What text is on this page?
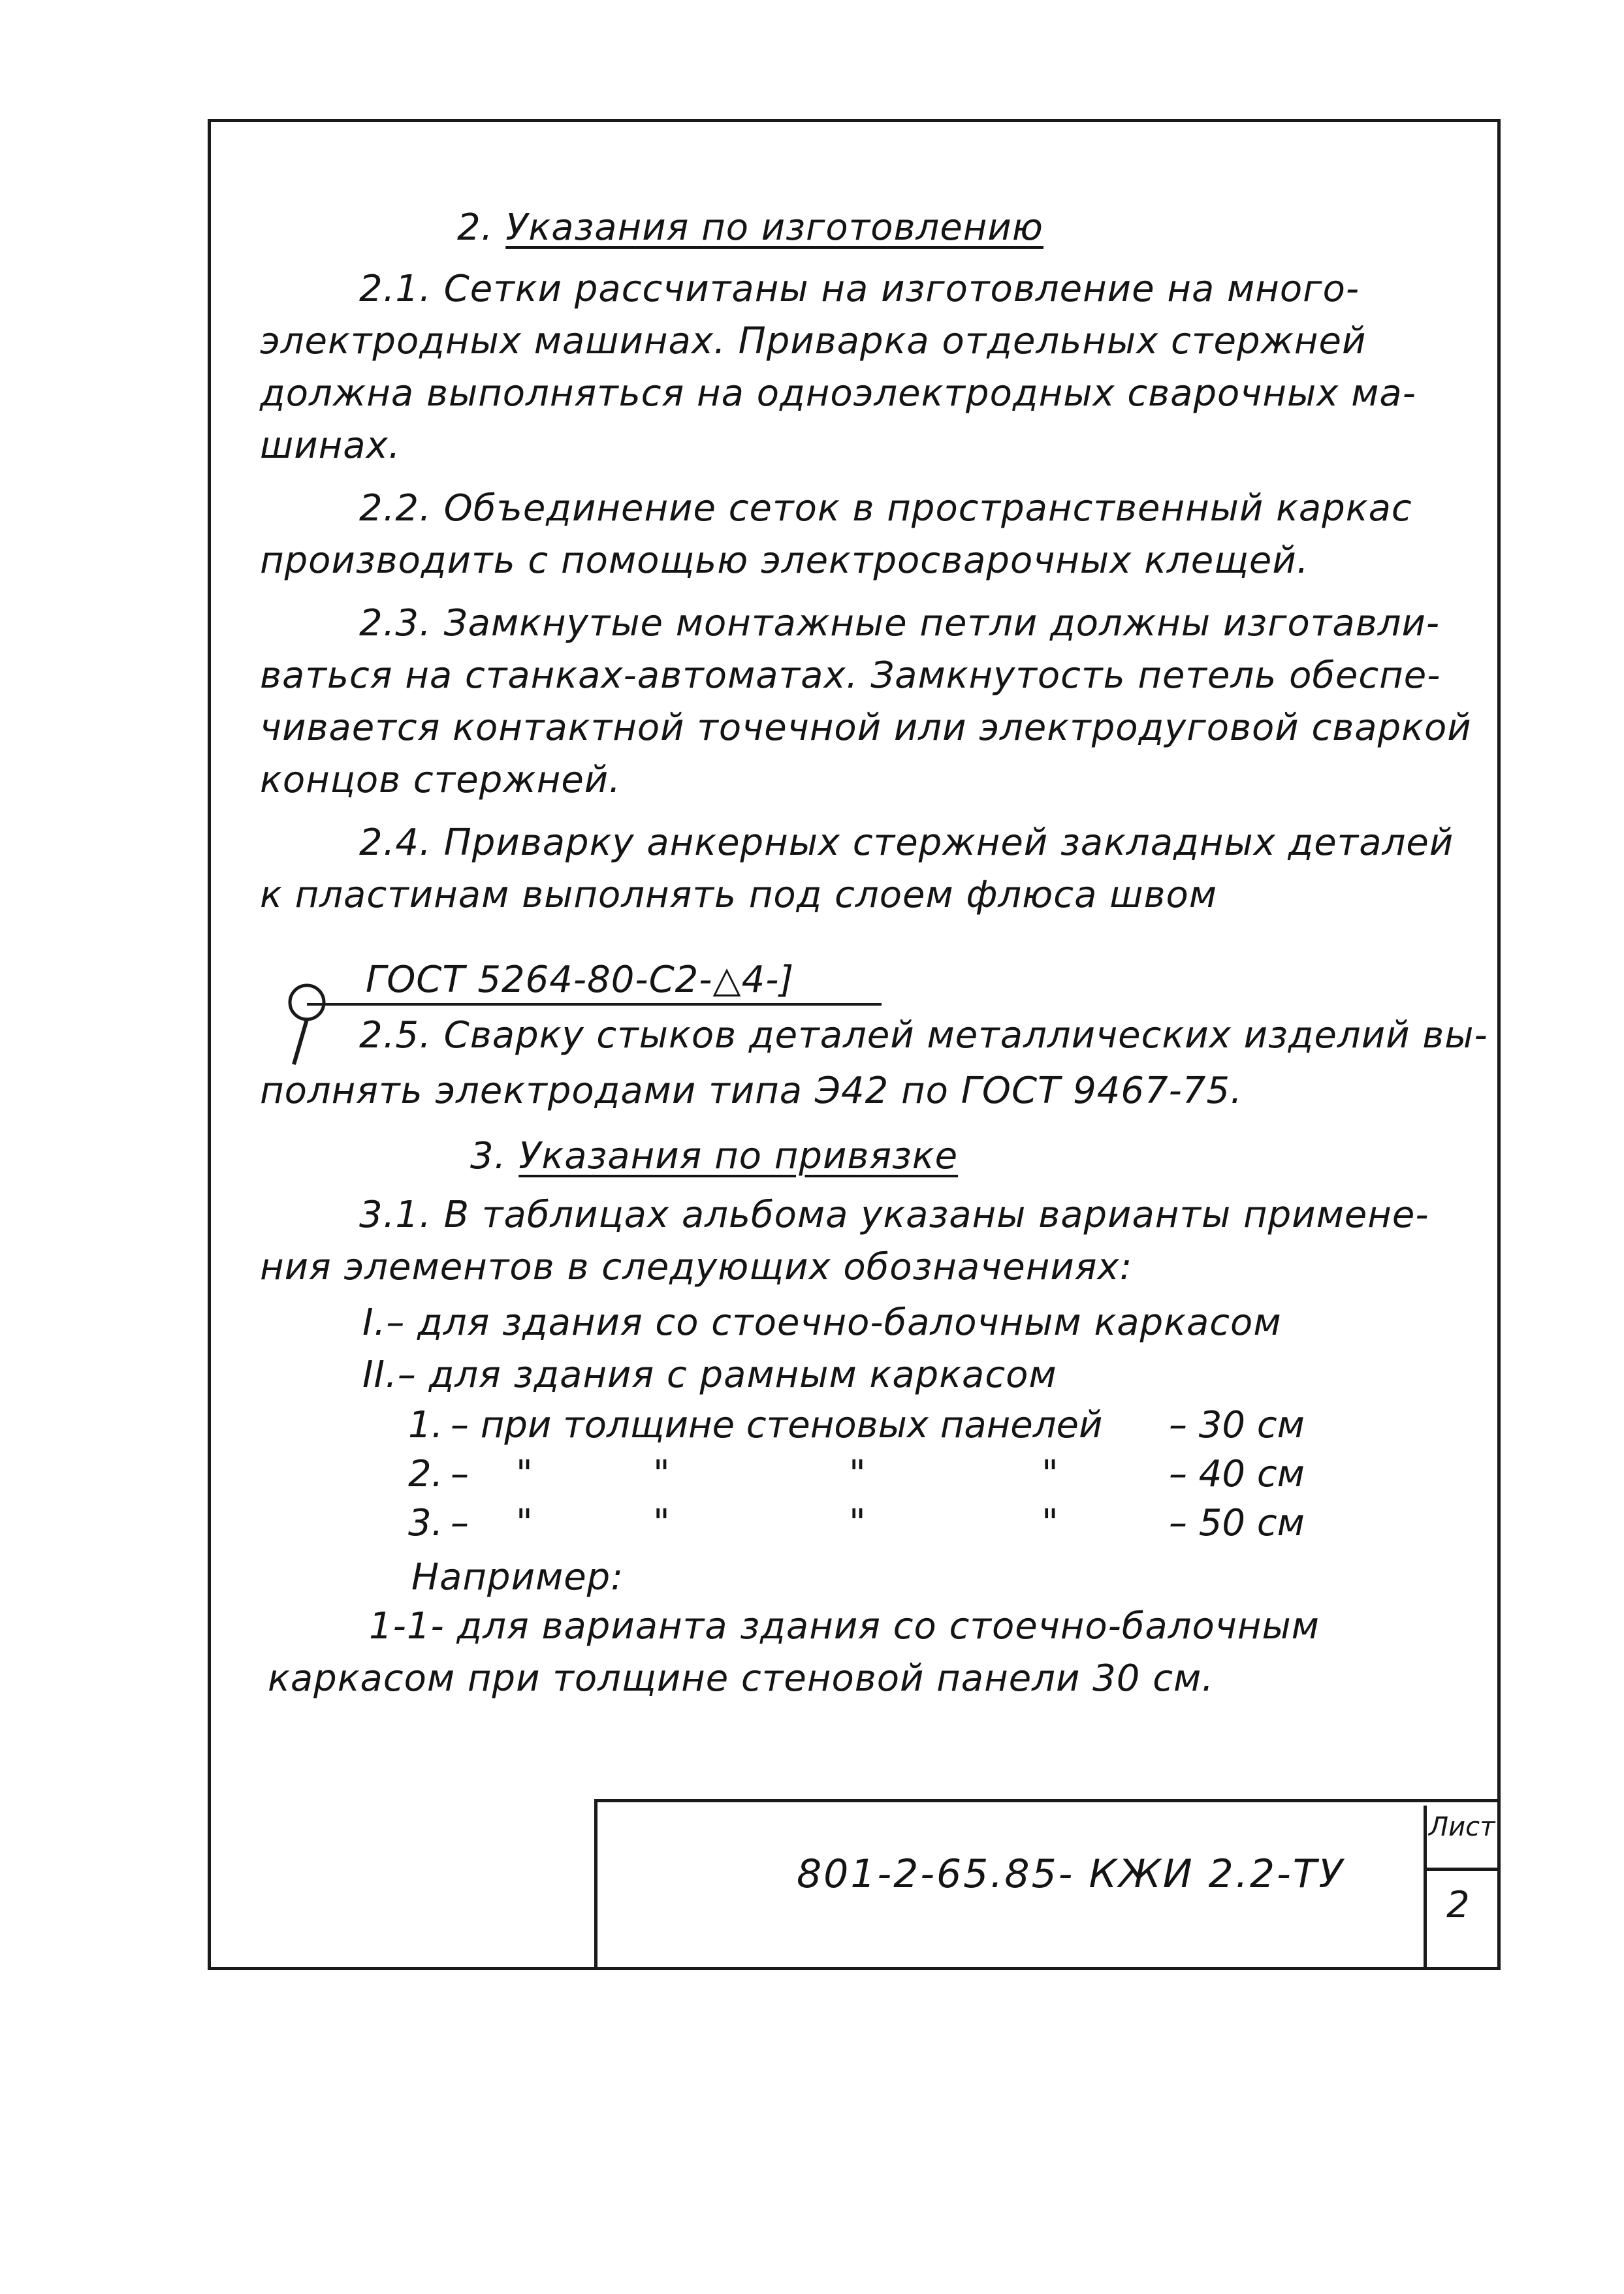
2. Указания по изготовлению
2.1. Сетки рассчитаны на изготовление на много-
электродных машинах. Приварка отдельных стержней
должна выполняться на одноэлектродных сварочных ма-
шинах.
2.2. Объединение сеток в пространственный каркас
производить с помощью электросварочных клещей.
2.3. Замкнутые монтажные петли должны изготавли-
ваться на станках-автоматах. Замкнутость петель обеспе-
чивается контактной точечной или электродуговой сваркой
концов стержней.
2.4. Приварку анкерных стержней закладных деталей
к пластинам выполнять под слоем флюса швом
ГОСТ 5264-80-С2-△4-]
2.5. Сварку стыков деталей металлических изделий вы-
полнять электродами типа Э42 по ГОСТ 9467-75.
3. Указания по привязке
3.1. В таблицах альбома указаны варианты примене-
ния элементов в следующих обозначениях:
I.– для здания со стоечно-балочным каркасом
II.– для здания с рамным каркасом
1. – при толщине стеновых панелей – 30 см
2. – "	"	"	"	– 40 см
3. – "	"	"	"	– 50 см
Например:
1-1- для варианта здания со стоечно-балочным
каркасом при толщине стеновой панели 30 см.
801-2-65.85- КЖИ 2.2-ТУ
Лист
2
